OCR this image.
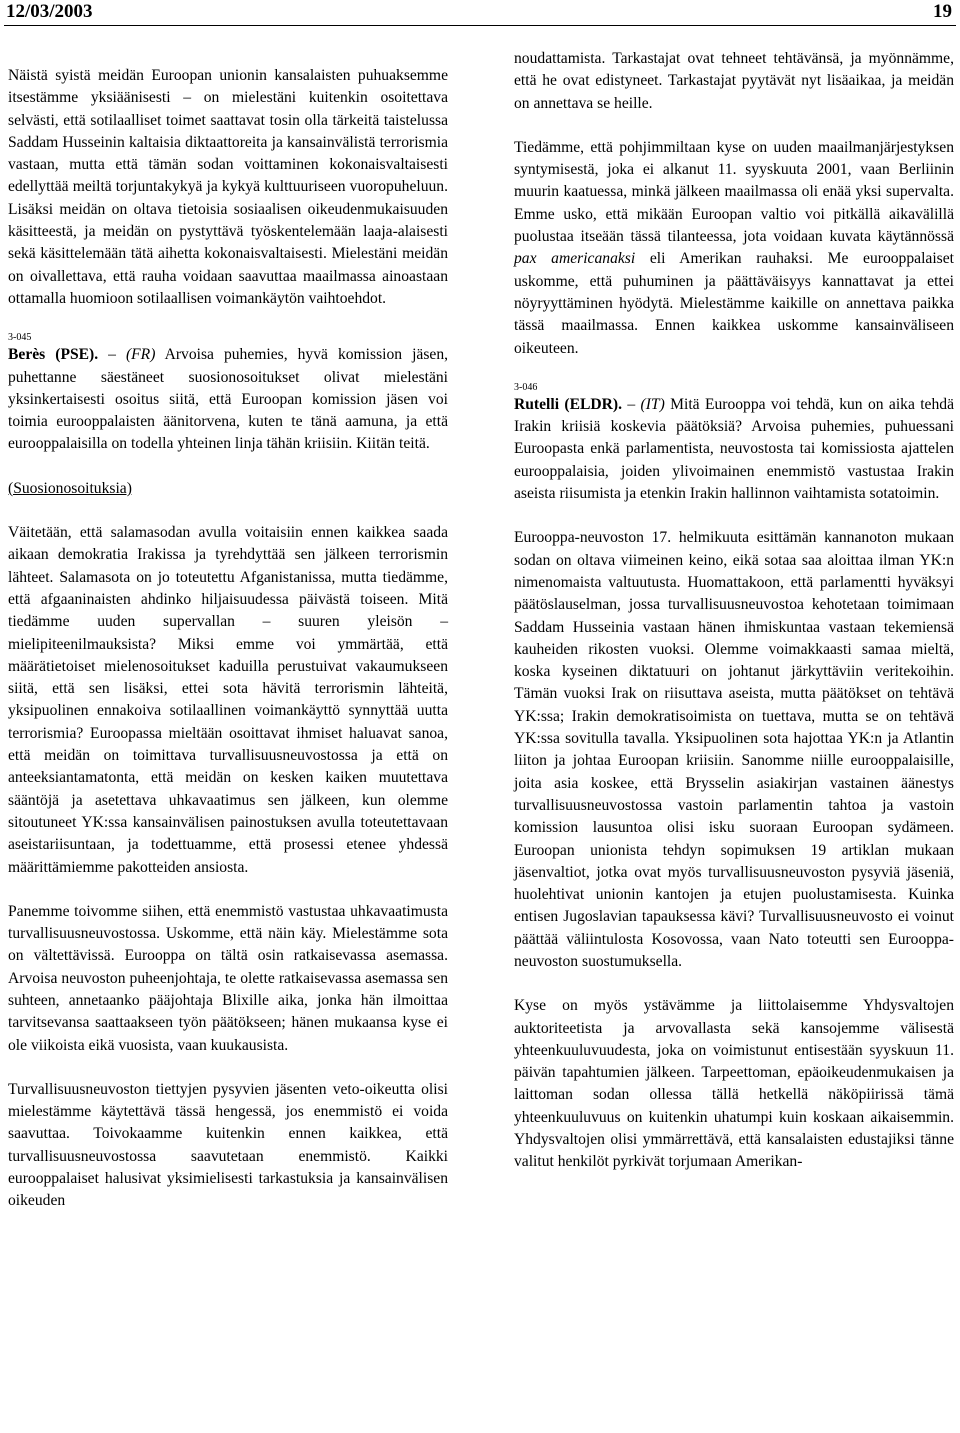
12/03/2003	19

Näistä syistä meidän Euroopan unionin kansalaisten puhuaksemme itsestämme yksiäänisesti – on mielestäni kuitenkin osoitettava selvästi, että sotilaalliset toimet saattavat tosin olla tärkeitä taistelussa Saddam Husseinin kaltaisia diktaattoreita ja kansainvälistä terrorismia vastaan, mutta että tämän sodan voittaminen kokonaisvaltaisesti edellyttää meiltä torjuntakykyä ja kykyä kulttuuriseen vuoropuheluun. Lisäksi meidän on oltava tietoisia sosiaalisen oikeudenmukaisuuden käsitteestä, ja meidän on pystyttävä työskentelemään laaja-alaisesti sekä käsittelemään tätä aihetta kokonaisvaltaisesti. Mielestäni meidän on oivallettava, että rauha voidaan saavuttaa maailmassa ainoastaan ottamalla huomioon sotilaallisen voimankäytön vaihtoehdot.

3-045

Berès (PSE). – (FR) Arvoisa puhemies, hyvä komission jäsen, puhettanne säestäneet suosionosoitukset olivat mielestäni yksinkertaisesti osoitus siitä, että Euroopan komission jäsen voi toimia eurooppalaisten äänitorvena, kuten te tänä aamuna, ja että eurooppalaisilla on todella yhteinen linja tähän kriisiin. Kiitän teitä.

(Suosionosoituksia)

Väitetään, että salamasodan avulla voitaisiin ennen kaikkea saada aikaan demokratia Irakissa ja tyrehdyttää sen jälkeen terrorismin lähteet. Salamasota on jo toteutettu Afganistanissa, mutta tiedämme, että afgaaninaisten ahdinko hiljaisuudessa päivästä toiseen. Mitä tiedämme uuden supervallan – suuren yleisön – mielipiteenilmauksista? Miksi emme voi ymmärtää, että määrätietoiset mielenosoitukset kaduilla perustuivat vakaumukseen siitä, että sen lisäksi, ettei sota hävitä terrorismin lähteitä, yksipuolinen ennakoiva sotilaallinen voimankäyttö synnyttää uutta terrorismia? Euroopassa mieltään osoittavat ihmiset haluavat sanoa, että meidän on toimittava turvallisuusneuvostossa ja että on anteeksiantamatonta, että meidän on kesken kaiken muutettava sääntöjä ja asetettava uhkavaatimus sen jälkeen, kun olemme sitoutuneet YK:ssa kansainvälisen painostuksen avulla toteutettavaan aseistariisuntaan, ja todettuamme, että prosessi etenee yhdessä määrittämiemme pakotteiden ansiosta.

Panemme toivomme siihen, että enemmistö vastustaa uhkavaatimusta turvallisuusneuvostossa. Uskomme, että näin käy. Mielestämme sota on vältettävissä. Eurooppa on tältä osin ratkaisevassa asemassa. Arvoisa neuvoston puheenjohtaja, te olette ratkaisevassa asemassa sen suhteen, annetaanko pääjohtaja Blixille aika, jonka hän ilmoittaa tarvitsevansa saattaakseen työn päätökseen; hänen mukaansa kyse ei ole viikoista eikä vuosista, vaan kuukausista.

Turvallisuusneuvoston tiettyjen pysyvien jäsenten veto-oikeutta olisi mielestämme käytettävä tässä hengessä, jos enemmistö ei voida saavuttaa. Toivokaamme kuitenkin ennen kaikkea, että turvallisuusneuvostossa saavutetaan enemmistö. Kaikki eurooppalaiset halusivat yksimielisesti tarkastuksia ja kansainvälisen oikeuden

noudattamista. Tarkastajat ovat tehneet tehtävänsä, ja myönnämme, että he ovat edistyneet. Tarkastajat pyytävät nyt lisäaikaa, ja meidän on annettava se heille.

Tiedämme, että pohjimmiltaan kyse on uuden maailmanjärjestyksen syntymisestä, joka ei alkanut 11. syyskuuta 2001, vaan Berliinin muurin kaatuessa, minkä jälkeen maailmassa oli enää yksi supervalta. Emme usko, että mikään Euroopan valtio voi pitkällä aikavälillä puolustaa itseään tässä tilanteessa, jota voidaan kuvata käytännössä pax americanaksi eli Amerikan rauhaksi. Me eurooppalaiset uskomme, että puhuminen ja päättäväisyys kannattavat ja ettei nöyryyttäminen hyödytä. Mielestämme kaikille on annettava paikka tässä maailmassa. Ennen kaikkea uskomme kansainväliseen oikeuteen.

3-046

Rutelli (ELDR). – (IT) Mitä Eurooppa voi tehdä, kun on aika tehdä Irakin kriisiä koskevia päätöksiä? Arvoisa puhemies, puhuessani Euroopasta enkä parlamentista, neuvostosta tai komissiosta ajattelen eurooppalaisia, joiden ylivoimainen enemmistö vastustaa Irakin aseista riisumista ja etenkin Irakin hallinnon vaihtamista sotatoimin.

Eurooppa-neuvoston 17. helmikuuta esittämän kannanoton mukaan sodan on oltava viimeinen keino, eikä sotaa saa aloittaa ilman YK:n nimenomaista valtuutusta. Huomattakoon, että parlamentti hyväksyi päätöslauselman, jossa turvallisuusneuvostoa kehotetaan toimimaan Saddam Husseinia vastaan hänen ihmiskuntaa vastaan tekemiensä kauheiden rikosten vuoksi. Olemme voimakkaasti samaa mieltä, koska kyseinen diktatuuri on johtanut järkyttäviin veritekoihin. Tämän vuoksi Irak on riisuttava aseista, mutta päätökset on tehtävä YK:ssa; Irakin demokratisoimista on tuettava, mutta se on tehtävä YK:ssa sovitulla tavalla. Yksipuolinen sota hajottaa YK:n ja Atlantin liiton ja johtaa Euroopan kriisiin. Sanomme niille eurooppalaisille, joita asia koskee, että Brysselin asiakirjan vastainen äänestys turvallisuusneuvostossa vastoin parlamentin tahtoa ja vastoin komission lausuntoa olisi isku suoraan Euroopan sydämeen. Euroopan unionista tehdyn sopimuksen 19 artiklan mukaan jäsenvaltiot, jotka ovat myös turvallisuusneuvoston pysyviä jäseniä, huolehtivat unionin kantojen ja etujen puolustamisesta. Kuinka entisen Jugoslavian tapauksessa kävi? Turvallisuusneuvosto ei voinut päättää väliintulosta Kosovossa, vaan Nato toteutti sen Eurooppa-neuvoston suostumuksella.

Kyse on myös ystävämme ja liittolaisemme Yhdysvaltojen auktoriteetista ja arvovallasta sekä kansojemme välisestä yhteenkuuluvuudesta, joka on voimistunut entisestään syyskuun 11. päivän tapahtumien jälkeen. Tarpeettoman, epäoikeudenmukaisen ja laittoman sodan ollessa tällä hetkellä näköpiirissä tämä yhteenkuuluvuus on kuitenkin uhatumpi kuin koskaan aikaisemmin. Yhdysvaltojen olisi ymmärrettävä, että kansalaisten edustajiksi tänne valitut henkilöt pyrkivät torjumaan Amerikan-
